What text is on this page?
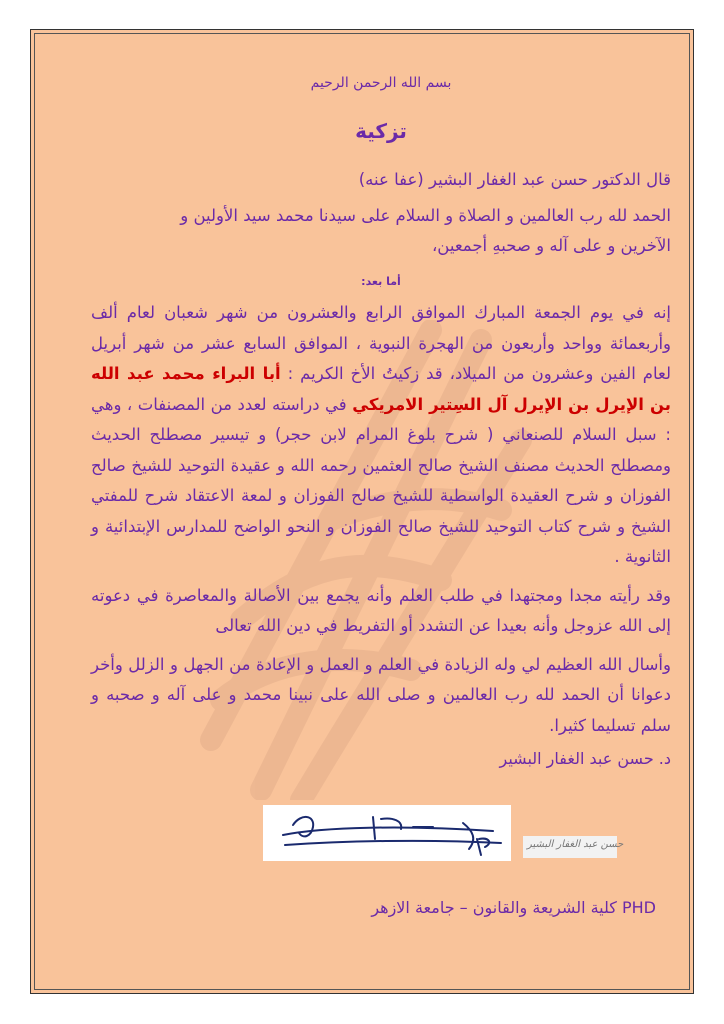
بسم الله الرحمن الرحيم

تزكية

قال الدكتور حسن عبد الغفار البشير (عفا عنه)

الحمد لله رب العالمين و الصلاة و السلام على سيدنا محمد سيد الأولين و

الآخرين و على آله و صحبهِ أجمعين،

أما بعد:

إنه في يوم الجمعة المبارك الموافق الرابع والعشرون من شهر شعبان لعام ألف وأربعمائة وواحد وأربعون من الهجرة النبوية ، الموافق السابع عشر من شهر أبريل لعام الفين وعشرون من الميلاد، قد زكيتُ الأخ الكريم : أبا البراء محمد عبد الله بن الإيرل بن الإيرل آل السِتير الامريكي في دراسته لعدد من المصنفات ، وهي : سبل السلام للصنعاني ( شرح بلوغ المرام لابن حجر) و تيسير مصطلح الحديث ومصطلح الحديث مصنف الشيخ صالح العثمين رحمه الله و عقيدة التوحيد للشيخ صالح الفوزان و شرح العقيدة الواسطية للشيخ صالح الفوزان و لمعة الاعتقاد شرح للمفتي الشيخ و شرح كتاب التوحيد للشيخ صالح الفوزان و النحو الواضح للمدارس الإبتدائية و الثانوية .

وقد رأيته مجدا ومجتهدا في طلب العلم وأنه يجمع بين الأصالة والمعاصرة في دعوته إلى الله عزوجل وأنه بعيدا عن التشدد أو التفريط في دين الله تعالى

وأسال الله العظيم لي وله الزيادة في العلم و العمل و الإعادة من الجهل و الزلل وأخر دعوانا أن الحمد لله رب العالمين و صلى الله على نبينا محمد و على آله و صحبه و سلم تسليما كثيرا.

د. حسن عبد الغفار البشير

حسن عبد الغفار البشير

PHD كلية الشريعة والقانون – جامعة الازهر
